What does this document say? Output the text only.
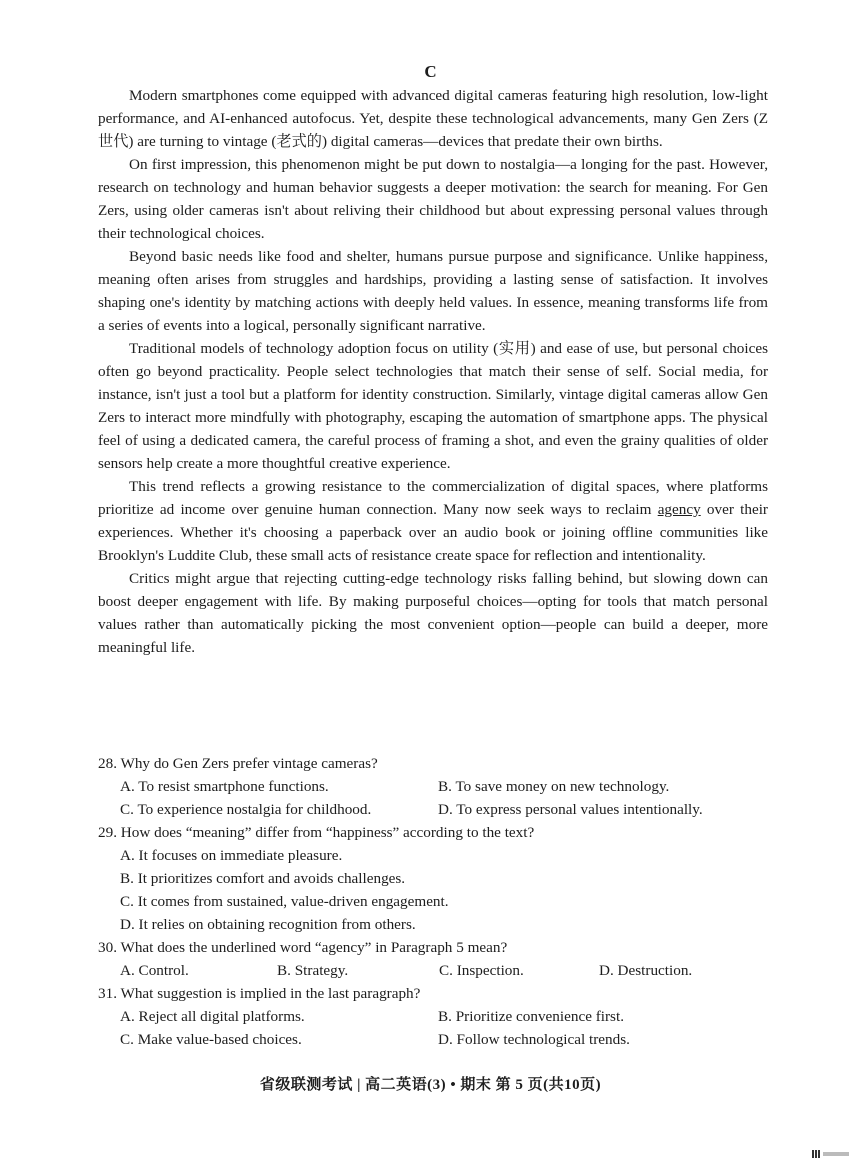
C

Modern smartphones come equipped with advanced digital cameras featuring high resolution, low-light performance, and AI-enhanced autofocus. Yet, despite these technological advancements, many Gen Zers (Z世代) are turning to vintage (老式的) digital cameras—devices that predate their own births.

On first impression, this phenomenon might be put down to nostalgia—a longing for the past. However, research on technology and human behavior suggests a deeper motivation: the search for meaning. For Gen Zers, using older cameras isn't about reliving their childhood but about expressing personal values through their technological choices.

Beyond basic needs like food and shelter, humans pursue purpose and significance. Unlike happiness, meaning often arises from struggles and hardships, providing a lasting sense of satisfaction. It involves shaping one's identity by matching actions with deeply held values. In essence, meaning transforms life from a series of events into a logical, personally significant narrative.

Traditional models of technology adoption focus on utility (实用) and ease of use, but personal choices often go beyond practicality. People select technologies that match their sense of self. Social media, for instance, isn't just a tool but a platform for identity construction. Similarly, vintage digital cameras allow Gen Zers to interact more mindfully with photography, escaping the automation of smartphone apps. The physical feel of using a dedicated camera, the careful process of framing a shot, and even the grainy qualities of older sensors help create a more thoughtful creative experience.

This trend reflects a growing resistance to the commercialization of digital spaces, where platforms prioritize ad income over genuine human connection. Many now seek ways to reclaim agency over their experiences. Whether it's choosing a paperback over an audio book or joining offline communities like Brooklyn's Luddite Club, these small acts of resistance create space for reflection and intentionality.

Critics might argue that rejecting cutting-edge technology risks falling behind, but slowing down can boost deeper engagement with life. By making purposeful choices—opting for tools that match personal values rather than automatically picking the most convenient option—people can build a deeper, more meaningful life.

28. Why do Gen Zers prefer vintage cameras?

A. To resist smartphone functions.	B. To save money on new technology.
C. To experience nostalgia for childhood.	D. To express personal values intentionally.

29. How does “meaning” differ from “happiness” according to the text?

A. It focuses on immediate pleasure.
B. It prioritizes comfort and avoids challenges.
C. It comes from sustained, value-driven engagement.
D. It relies on obtaining recognition from others.

30. What does the underlined word “agency” in Paragraph 5 mean?

A. Control.	B. Strategy.	C. Inspection.	D. Destruction.

31. What suggestion is implied in the last paragraph?

A. Reject all digital platforms.	B. Prioritize convenience first.
C. Make value-based choices.	D. Follow technological trends.
省级联测考试 | 高二英语(3) • 期末 第 5 页(共10页)
